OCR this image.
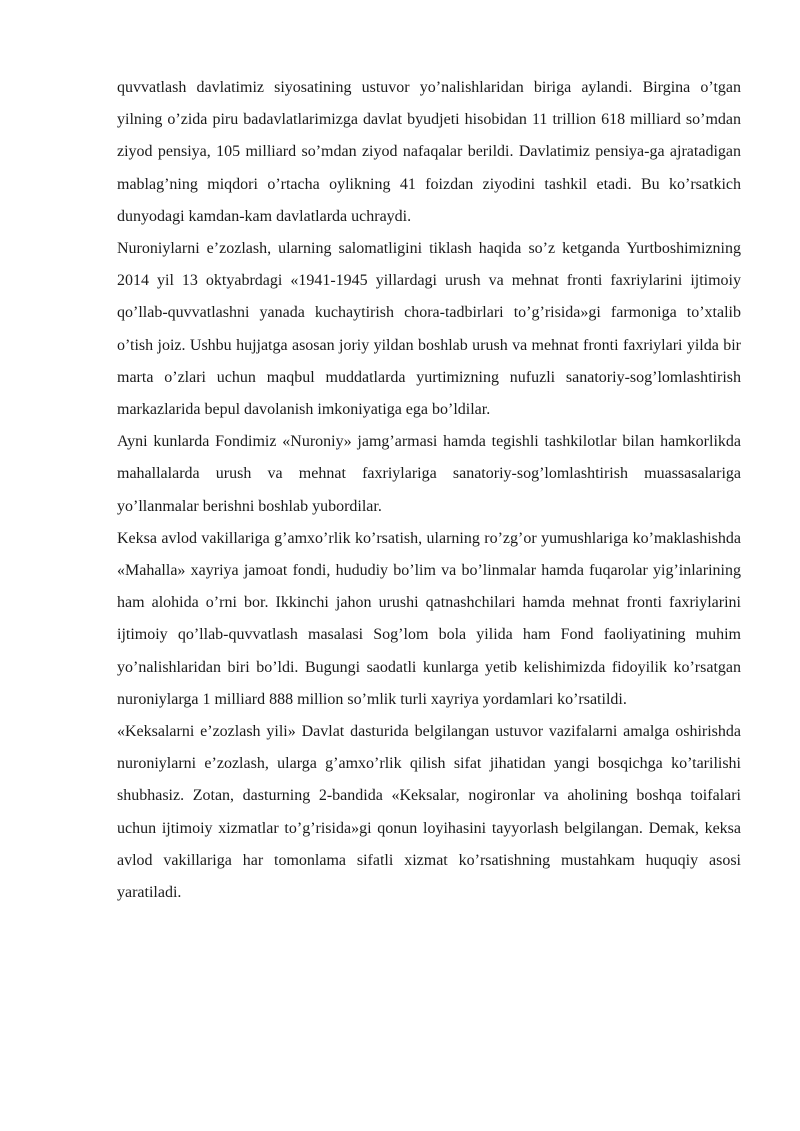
quvvatlash davlatimiz siyosatining ustuvor yo’nalishlaridan biriga aylandi. Birgina o’tgan yilning o’zida piru badavlatlarimizga davlat byudjeti hisobidan 11 trillion 618 milliard so’mdan ziyod pensiya, 105 milliard so’mdan ziyod nafaqalar berildi. Davlatimiz pensiya-ga ajratadigan mablag’ning miqdori o’rtacha oylikning 41 foizdan ziyodini tashkil etadi. Bu ko’rsatkich dunyodagi kamdan-kam davlatlarda uchraydi.

Nuroniylarni e’zozlash, ularning salomatligini tiklash haqida so’z ketganda Yurtboshimizning 2014 yil 13 oktyabrdagi «1941-1945 yillardagi urush va mehnat fronti faxriylarini ijtimoiy qo’llab-quvvatlashni yanada kuchaytirish chora-tadbirlari to’g’risida»gi farmoniga to’xtalib o’tish joiz. Ushbu hujjatga asosan joriy yildan boshlab urush va mehnat fronti faxriylari yilda bir marta o’zlari uchun maqbul muddatlarda yurtimizning nufuzli sanatoriy-sog’lomlashtirish markazlarida bepul davolanish imkoniyatiga ega bo’ldilar.

Ayni kunlarda Fondimiz «Nuroniy» jamg’armasi hamda tegishli tashkilotlar bilan hamkorlikda mahallalarda urush va mehnat faxriylariga sanatoriy-sog’lomlashtirish muassasalariga yo’llanmalar berishni boshlab yubordilar.

Keksa avlod vakillariga g’amxo’rlik ko’rsatish, ularning ro’zg’or yumushlariga ko’maklashishda «Mahalla» xayriya jamoat fondi, hududiy bo’lim va bo’linmalar hamda fuqarolar yig’inlarining ham alohida o’rni bor. Ikkinchi jahon urushi qatnashchilari hamda mehnat fronti faxriylarini ijtimoiy qo’llab-quvvatlash masalasi Sog’lom bola yilida ham Fond faoliyatining muhim yo’nalishlaridan biri bo’ldi. Bugungi saodatli kunlarga yetib kelishimizda fidoyilik ko’rsatgan nuroniylarga 1 milliard 888 million so’mlik turli xayriya yordamlari ko’rsatildi.

«Keksalarni e’zozlash yili» Davlat dasturida belgilangan ustuvor vazifalarni amalga oshirishda nuroniylarni e’zozlash, ularga g’amxo’rlik qilish sifat jihatidan yangi bosqichga ko’tarilishi shubhasiz. Zotan, dasturning 2-bandida «Keksalar, nogironlar va aholining boshqa toifalari uchun ijtimoiy xizmatlar to’g’risida»gi qonun loyihasini tayyorlash belgilangan. Demak, keksa avlod vakillariga har tomonlama sifatli xizmat ko’rsatishning mustahkam huquqiy asosi yaratiladi.
